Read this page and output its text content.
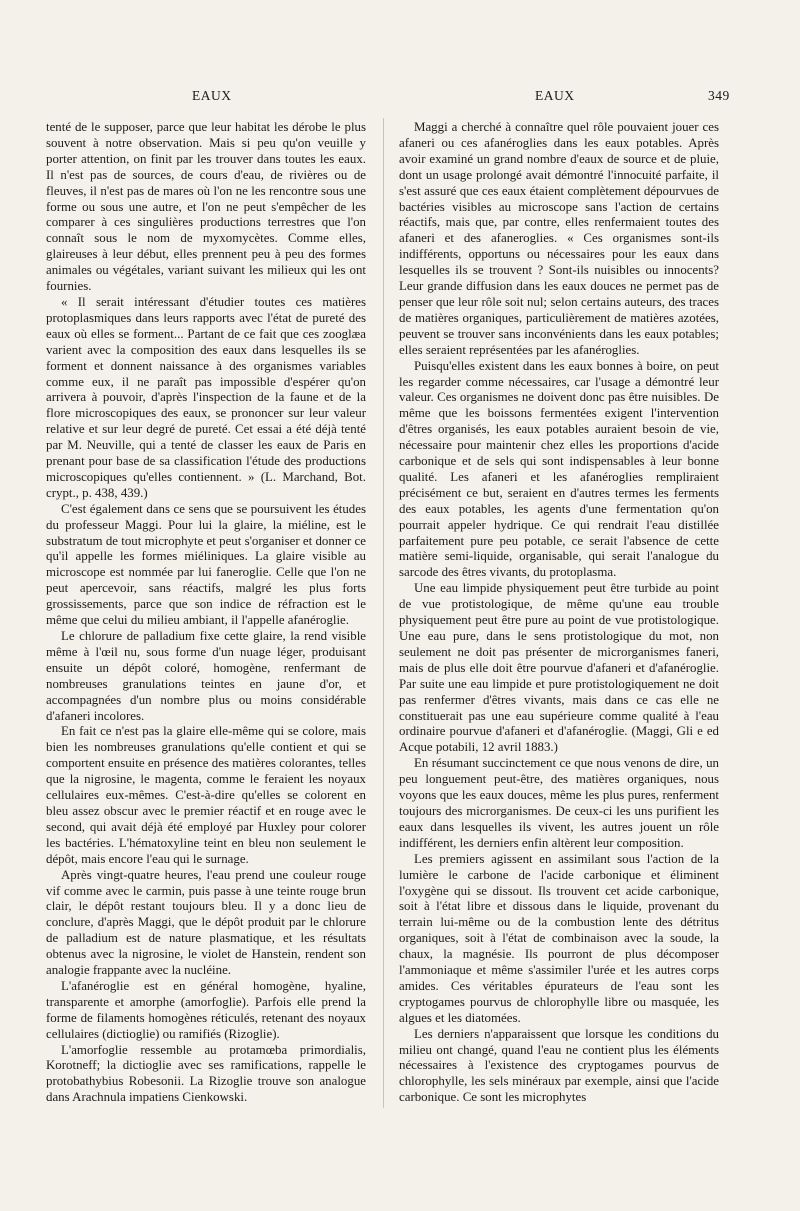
EAUX	EAUX	349

tenté de le supposer, parce que leur habitat les dérobe le plus souvent à notre observation. Mais si peu qu'on veuille y porter attention, on finit par les trouver dans toutes les eaux. Il n'est pas de sources, de cours d'eau, de rivières ou de fleuves, il n'est pas de mares où l'on ne les rencontre sous une forme ou sous une autre, et l'on ne peut s'empêcher de les comparer à ces singulières productions terrestres que l'on connaît sous le nom de myxomycètes. Comme elles, glaireuses à leur début, elles prennent peu à peu des formes animales ou végétales, variant suivant les milieux qui les ont fournies.

« Il serait intéressant d'étudier toutes ces matières protoplasmiques dans leurs rapports avec l'état de pureté des eaux où elles se forment... Partant de ce fait que ces zooglæa varient avec la composition des eaux dans lesquelles ils se forment et donnent naissance à des organismes variables comme eux, il ne paraît pas impossible d'espérer qu'on arrivera à pouvoir, d'après l'inspection de la faune et de la flore microscopiques des eaux, se prononcer sur leur valeur relative et sur leur degré de pureté. Cet essai a été déjà tenté par M. Neuville, qui a tenté de classer les eaux de Paris en prenant pour base de sa classification l'étude des productions microscopiques qu'elles contiennent. » (L. Marchand, Bot. crypt., p. 438, 439.)

C'est également dans ce sens que se poursuivent les études du professeur Maggi. Pour lui la glaire, la miéline, est le substratum de tout microphyte et peut s'organiser et donner ce qu'il appelle les formes miéliniques. La glaire visible au microscope est nommée par lui faneroglie. Celle que l'on ne peut apercevoir, sans réactifs, malgré les plus forts grossissements, parce que son indice de réfraction est le même que celui du milieu ambiant, il l'appelle afanéroglie.

Le chlorure de palladium fixe cette glaire, la rend visible même à l'œil nu, sous forme d'un nuage léger, produisant ensuite un dépôt coloré, homogène, renfermant de nombreuses granulations teintes en jaune d'or, et accompagnées d'un nombre plus ou moins considérable d'afaneri incolores.

En fait ce n'est pas la glaire elle-même qui se colore, mais bien les nombreuses granulations qu'elle contient et qui se comportent ensuite en présence des matières colorantes, telles que la nigrosine, le magenta, comme le feraient les noyaux cellulaires eux-mêmes. C'est-à-dire qu'elles se colorent en bleu assez obscur avec le premier réactif et en rouge avec le second, qui avait déjà été employé par Huxley pour colorer les bactéries. L'hématoxyline teint en bleu non seulement le dépôt, mais encore l'eau qui le surnage.

Après vingt-quatre heures, l'eau prend une couleur rouge vif comme avec le carmin, puis passe à une teinte rouge brun clair, le dépôt restant toujours bleu. Il y a donc lieu de conclure, d'après Maggi, que le dépôt produit par le chlorure de palladium est de nature plasmatique, et les résultats obtenus avec la nigrosine, le violet de Hanstein, rendent son analogie frappante avec la nucléine.

L'afanéroglie est en général homogène, hyaline, transparente et amorphe (amorfoglie). Parfois elle prend la forme de filaments homogènes réticulés, retenant des noyaux cellulaires (dictioglie) ou ramifiés (Rizoglie).

L'amorfoglie ressemble au protamœba primordialis, Korotneff; la dictioglie avec ses ramifications, rappelle le protobathybius Robesonii. La Rizoglie trouve son analogue dans Arachnula impatiens Cienkowski.

Maggi a cherché à connaître quel rôle pouvaient jouer ces afaneri ou ces afanéroglies dans les eaux potables. Après avoir examiné un grand nombre d'eaux de source et de pluie, dont un usage prolongé avait démontré l'innocuité parfaite, il s'est assuré que ces eaux étaient complètement dépourvues de bactéries visibles au microscope sans l'action de certains réactifs, mais que, par contre, elles renfermaient toutes des afaneri et des afaneroglies. « Ces organismes sont-ils indifférents, opportuns ou nécessaires pour les eaux dans lesquelles ils se trouvent ? Sont-ils nuisibles ou innocents? Leur grande diffusion dans les eaux douces ne permet pas de penser que leur rôle soit nul; selon certains auteurs, des traces de matières organiques, particulièrement de matières azotées, peuvent se trouver sans inconvénients dans les eaux potables; elles seraient représentées par les afanéroglies.

Puisqu'elles existent dans les eaux bonnes à boire, on peut les regarder comme nécessaires, car l'usage a démontré leur valeur. Ces organismes ne doivent donc pas être nuisibles. De même que les boissons fermentées exigent l'intervention d'êtres organisés, les eaux potables auraient besoin de vie, nécessaire pour maintenir chez elles les proportions d'acide carbonique et de sels qui sont indispensables à leur bonne qualité. Les afaneri et les afanéroglies rempliraient précisément ce but, seraient en d'autres termes les ferments des eaux potables, les agents d'une fermentation qu'on pourrait appeler hydrique. Ce qui rendrait l'eau distillée parfaitement pure peu potable, ce serait l'absence de cette matière semi-liquide, organisable, qui serait l'analogue du sarcode des êtres vivants, du protoplasma.

Une eau limpide physiquement peut être turbide au point de vue protistologique, de même qu'une eau trouble physiquement peut être pure au point de vue protistologique. Une eau pure, dans le sens protistologique du mot, non seulement ne doit pas présenter de microrganismes faneri, mais de plus elle doit être pourvue d'afaneri et d'afanéroglie. Par suite une eau limpide et pure protistologiquement ne doit pas renfermer d'êtres vivants, mais dans ce cas elle ne constituerait pas une eau supérieure comme qualité à l'eau ordinaire pourvue d'afaneri et d'afanéroglie. (Maggi, Gli e ed Acque potabili, 12 avril 1883.)

En résumant succinctement ce que nous venons de dire, un peu longuement peut-être, des matières organiques, nous voyons que les eaux douces, même les plus pures, renferment toujours des microrganismes. De ceux-ci les uns purifient les eaux dans lesquelles ils vivent, les autres jouent un rôle indifférent, les derniers enfin altèrent leur composition.

Les premiers agissent en assimilant sous l'action de la lumière le carbone de l'acide carbonique et éliminent l'oxygène qui se dissout. Ils trouvent cet acide carbonique, soit à l'état libre et dissous dans le liquide, provenant du terrain lui-même ou de la combustion lente des détritus organiques, soit à l'état de combinaison avec la soude, la chaux, la magnésie. Ils pourront de plus décomposer l'ammoniaque et même s'assimiler l'urée et les autres corps amides. Ces véritables épurateurs de l'eau sont les cryptogames pourvus de chlorophylle libre ou masquée, les algues et les diatomées.

Les derniers n'apparaissent que lorsque les conditions du milieu ont changé, quand l'eau ne contient plus les éléments nécessaires à l'existence des cryptogames pourvus de chlorophylle, les sels minéraux par exemple, ainsi que l'acide carbonique. Ce sont les microphytes
